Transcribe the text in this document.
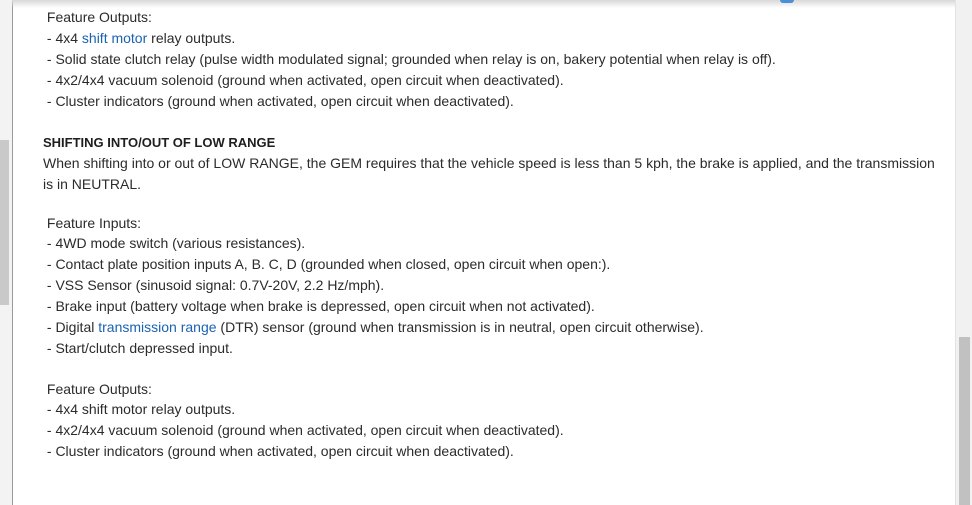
Feature Outputs:
- 4x4 shift motor relay outputs.
- Solid state clutch relay (pulse width modulated signal; grounded when relay is on, bakery potential when relay is off).
- 4x2/4x4 vacuum solenoid (ground when activated, open circuit when deactivated).
- Cluster indicators (ground when activated, open circuit when deactivated).
SHIFTING INTO/OUT OF LOW RANGE
When shifting into or out of LOW RANGE, the GEM requires that the vehicle speed is less than 5 kph, the brake is applied, and the transmission is in NEUTRAL.
Feature Inputs:
- 4WD mode switch (various resistances).
- Contact plate position inputs A, B. C, D (grounded when closed, open circuit when open:).
- VSS Sensor (sinusoid signal: 0.7V-20V, 2.2 Hz/mph).
- Brake input (battery voltage when brake is depressed, open circuit when not activated).
- Digital transmission range (DTR) sensor (ground when transmission is in neutral, open circuit otherwise).
- Start/clutch depressed input.
Feature Outputs:
- 4x4 shift motor relay outputs.
- 4x2/4x4 vacuum solenoid (ground when activated, open circuit when deactivated).
- Cluster indicators (ground when activated, open circuit when deactivated).
